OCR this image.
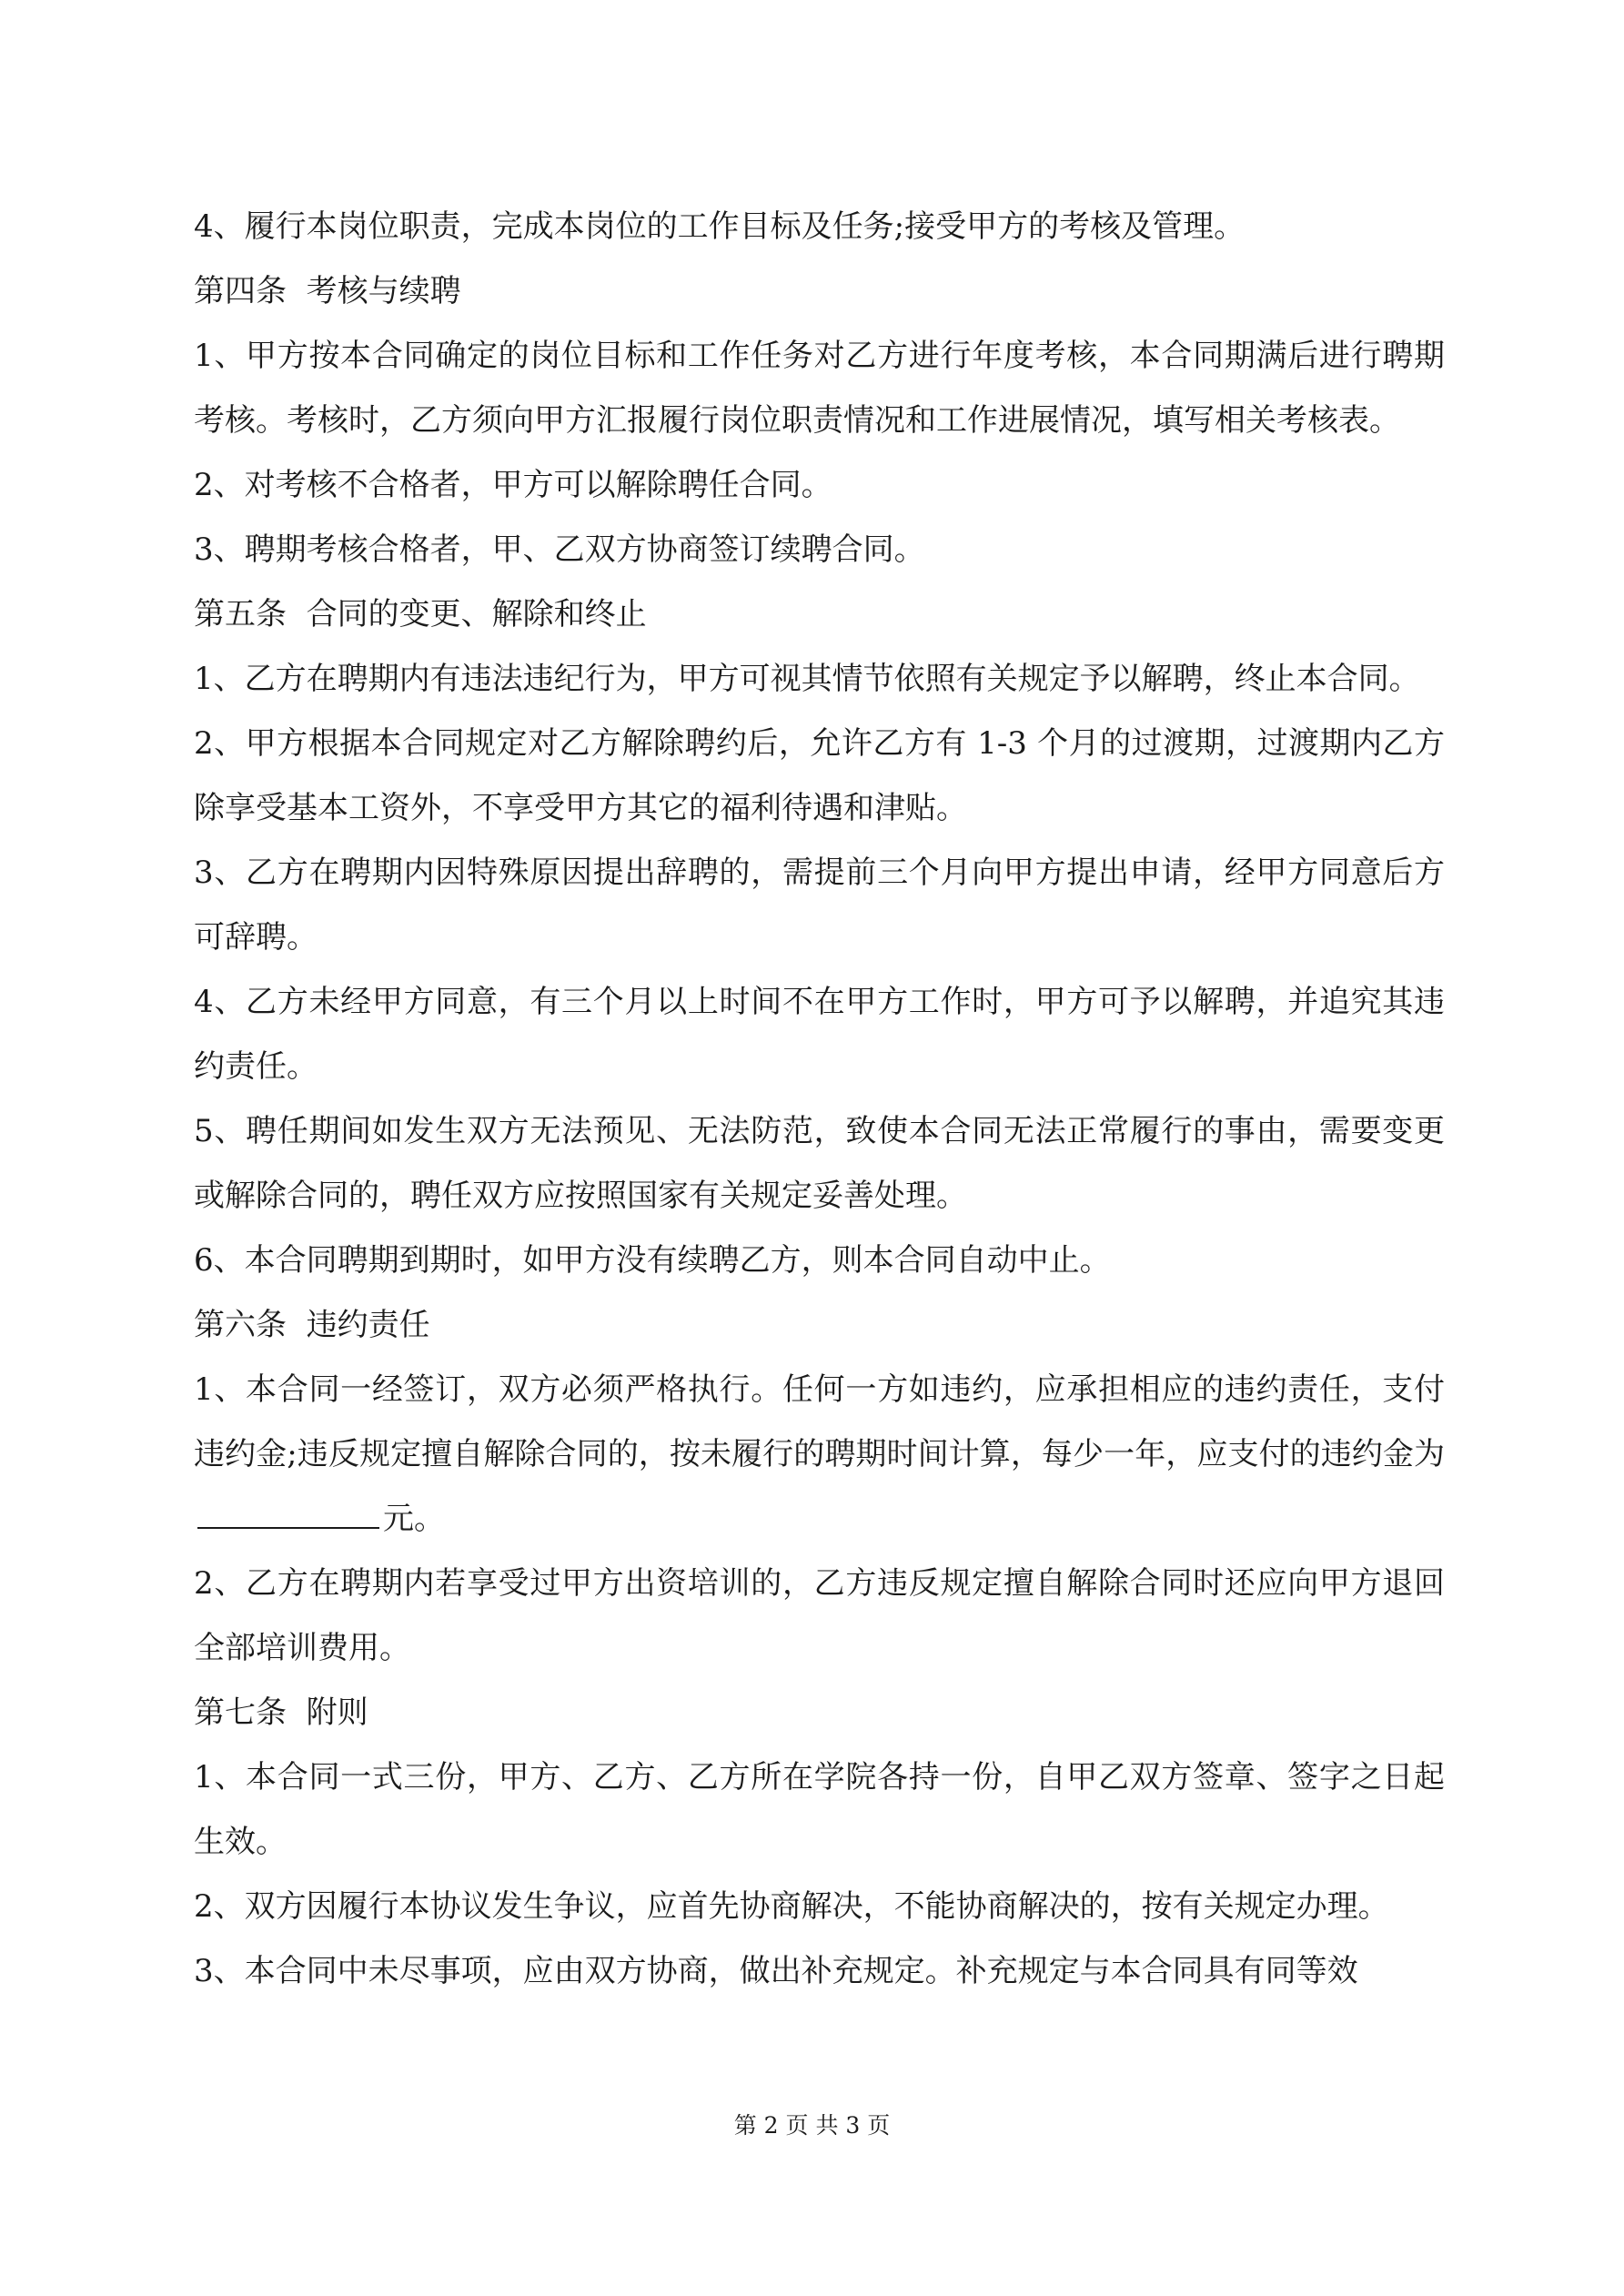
4、履行本岗位职责，完成本岗位的工作目标及任务;接受甲方的考核及管理。

第四条  考核与续聘

1、甲方按本合同确定的岗位目标和工作任务对乙方进行年度考核，本合同期满后进行聘期考核。考核时，乙方须向甲方汇报履行岗位职责情况和工作进展情况，填写相关考核表。

2、对考核不合格者，甲方可以解除聘任合同。

3、聘期考核合格者，甲、乙双方协商签订续聘合同。

第五条  合同的变更、解除和终止

1、乙方在聘期内有违法违纪行为，甲方可视其情节依照有关规定予以解聘，终止本合同。

2、甲方根据本合同规定对乙方解除聘约后，允许乙方有 1-3 个月的过渡期，过渡期内乙方除享受基本工资外，不享受甲方其它的福利待遇和津贴。

3、乙方在聘期内因特殊原因提出辞聘的，需提前三个月向甲方提出申请，经甲方同意后方可辞聘。

4、乙方未经甲方同意，有三个月以上时间不在甲方工作时，甲方可予以解聘，并追究其违约责任。

5、聘任期间如发生双方无法预见、无法防范，致使本合同无法正常履行的事由，需要变更或解除合同的，聘任双方应按照国家有关规定妥善处理。

6、本合同聘期到期时，如甲方没有续聘乙方，则本合同自动中止。

第六条  违约责任

1、本合同一经签订，双方必须严格执行。任何一方如违约，应承担相应的违约责任，支付违约金;违反规定擅自解除合同的，按未履行的聘期时间计算，每少一年，应支付的违约金为元。

2、乙方在聘期内若享受过甲方出资培训的，乙方违反规定擅自解除合同时还应向甲方退回全部培训费用。

第七条  附则

1、本合同一式三份，甲方、乙方、乙方所在学院各持一份，自甲乙双方签章、签字之日起生效。

2、双方因履行本协议发生争议，应首先协商解决，不能协商解决的，按有关规定办理。

3、本合同中未尽事项，应由双方协商，做出补充规定。补充规定与本合同具有同等效

第 2 页 共 3 页
